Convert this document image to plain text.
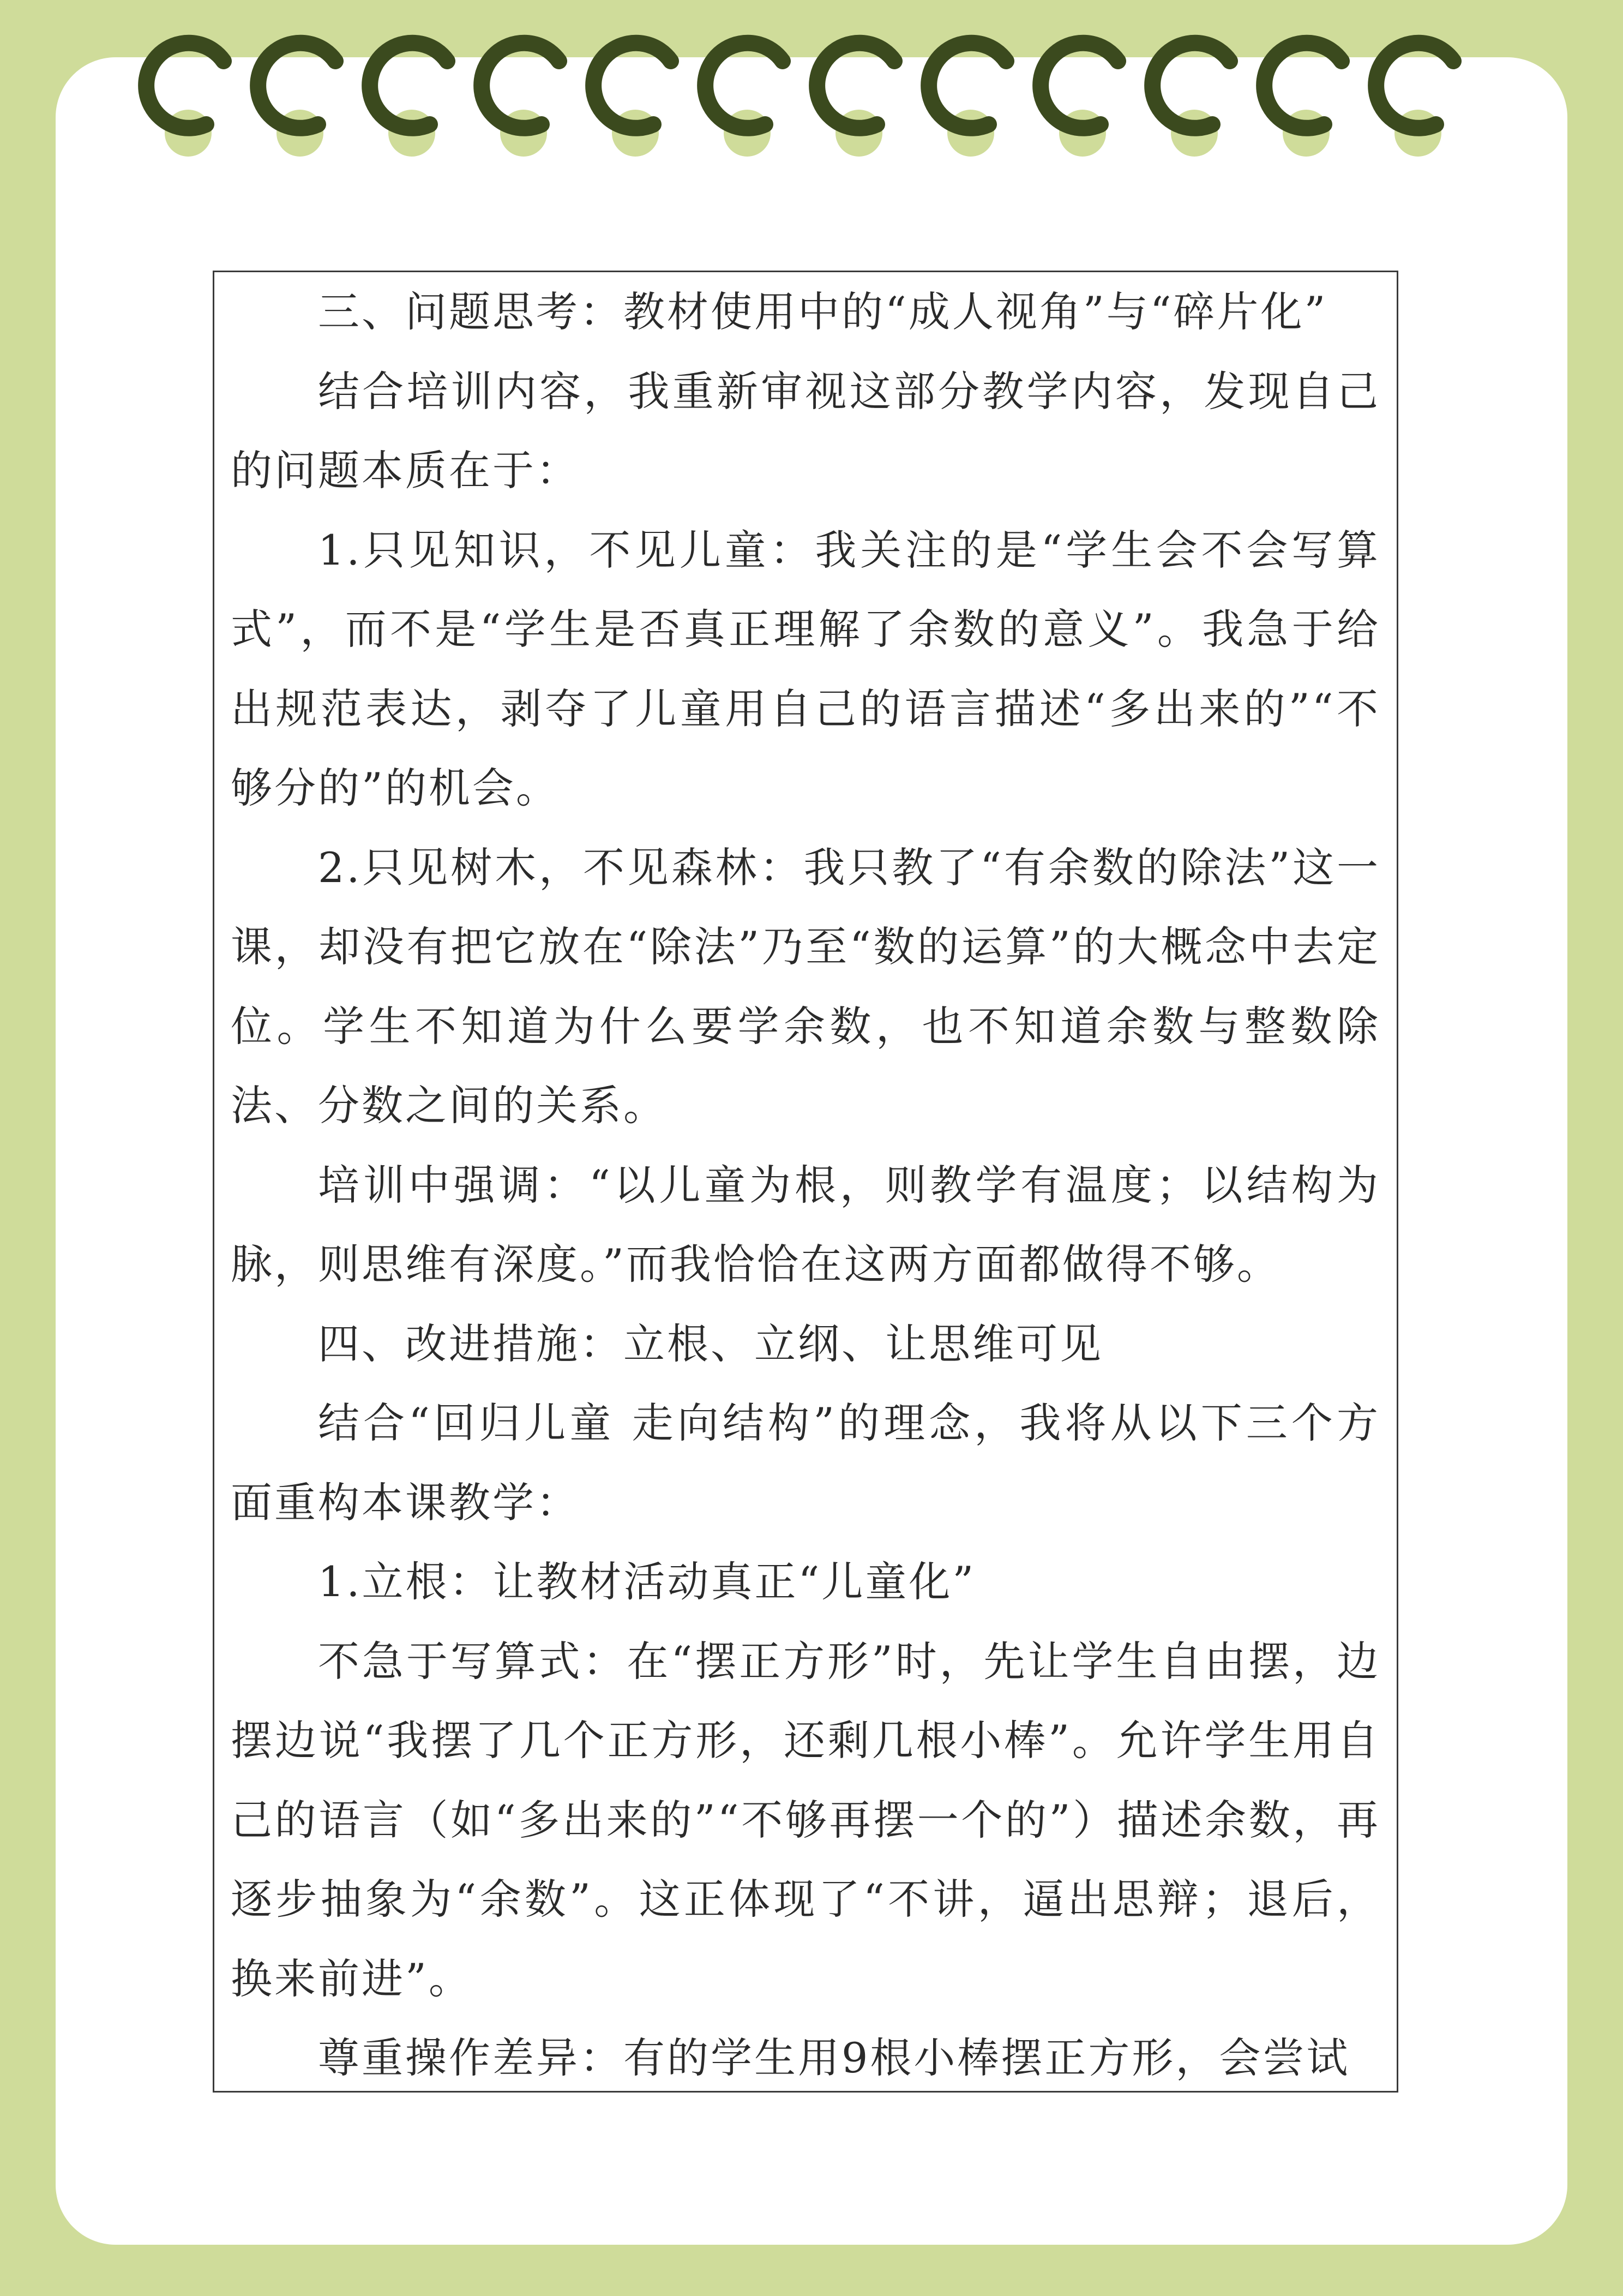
三、问题思考：教材使用中的“成人视角”与“碎片化”

结合培训内容，我重新审视这部分教学内容，发现自己的问题本质在于：

1.只见知识，不见儿童：我关注的是“学生会不会写算式”，而不是“学生是否真正理解了余数的意义”。我急于给出规范表达，剥夺了儿童用自己的语言描述“多出来的”“不够分的”的机会。

2.只见树木，不见森林：我只教了“有余数的除法”这一课，却没有把它放在“除法”乃至“数的运算”的大概念中去定位。学生不知道为什么要学余数，也不知道余数与整数除法、分数之间的关系。

培训中强调：“以儿童为根，则教学有温度；以结构为脉，则思维有深度。”而我恰恰在这两方面都做得不够。

四、改进措施：立根、立纲、让思维可见

结合“回归儿童 走向结构”的理念，我将从以下三个方面重构本课教学：

1.立根：让教材活动真正“儿童化”

不急于写算式：在“摆正方形”时，先让学生自由摆，边摆边说“我摆了几个正方形，还剩几根小棒”。允许学生用自己的语言（如“多出来的”“不够再摆一个的”）描述余数，再逐步抽象为“余数”。这正体现了“不讲，逼出思辩；退后，换来前进”。

尊重操作差异：有的学生用9根小棒摆正方形，会尝试
